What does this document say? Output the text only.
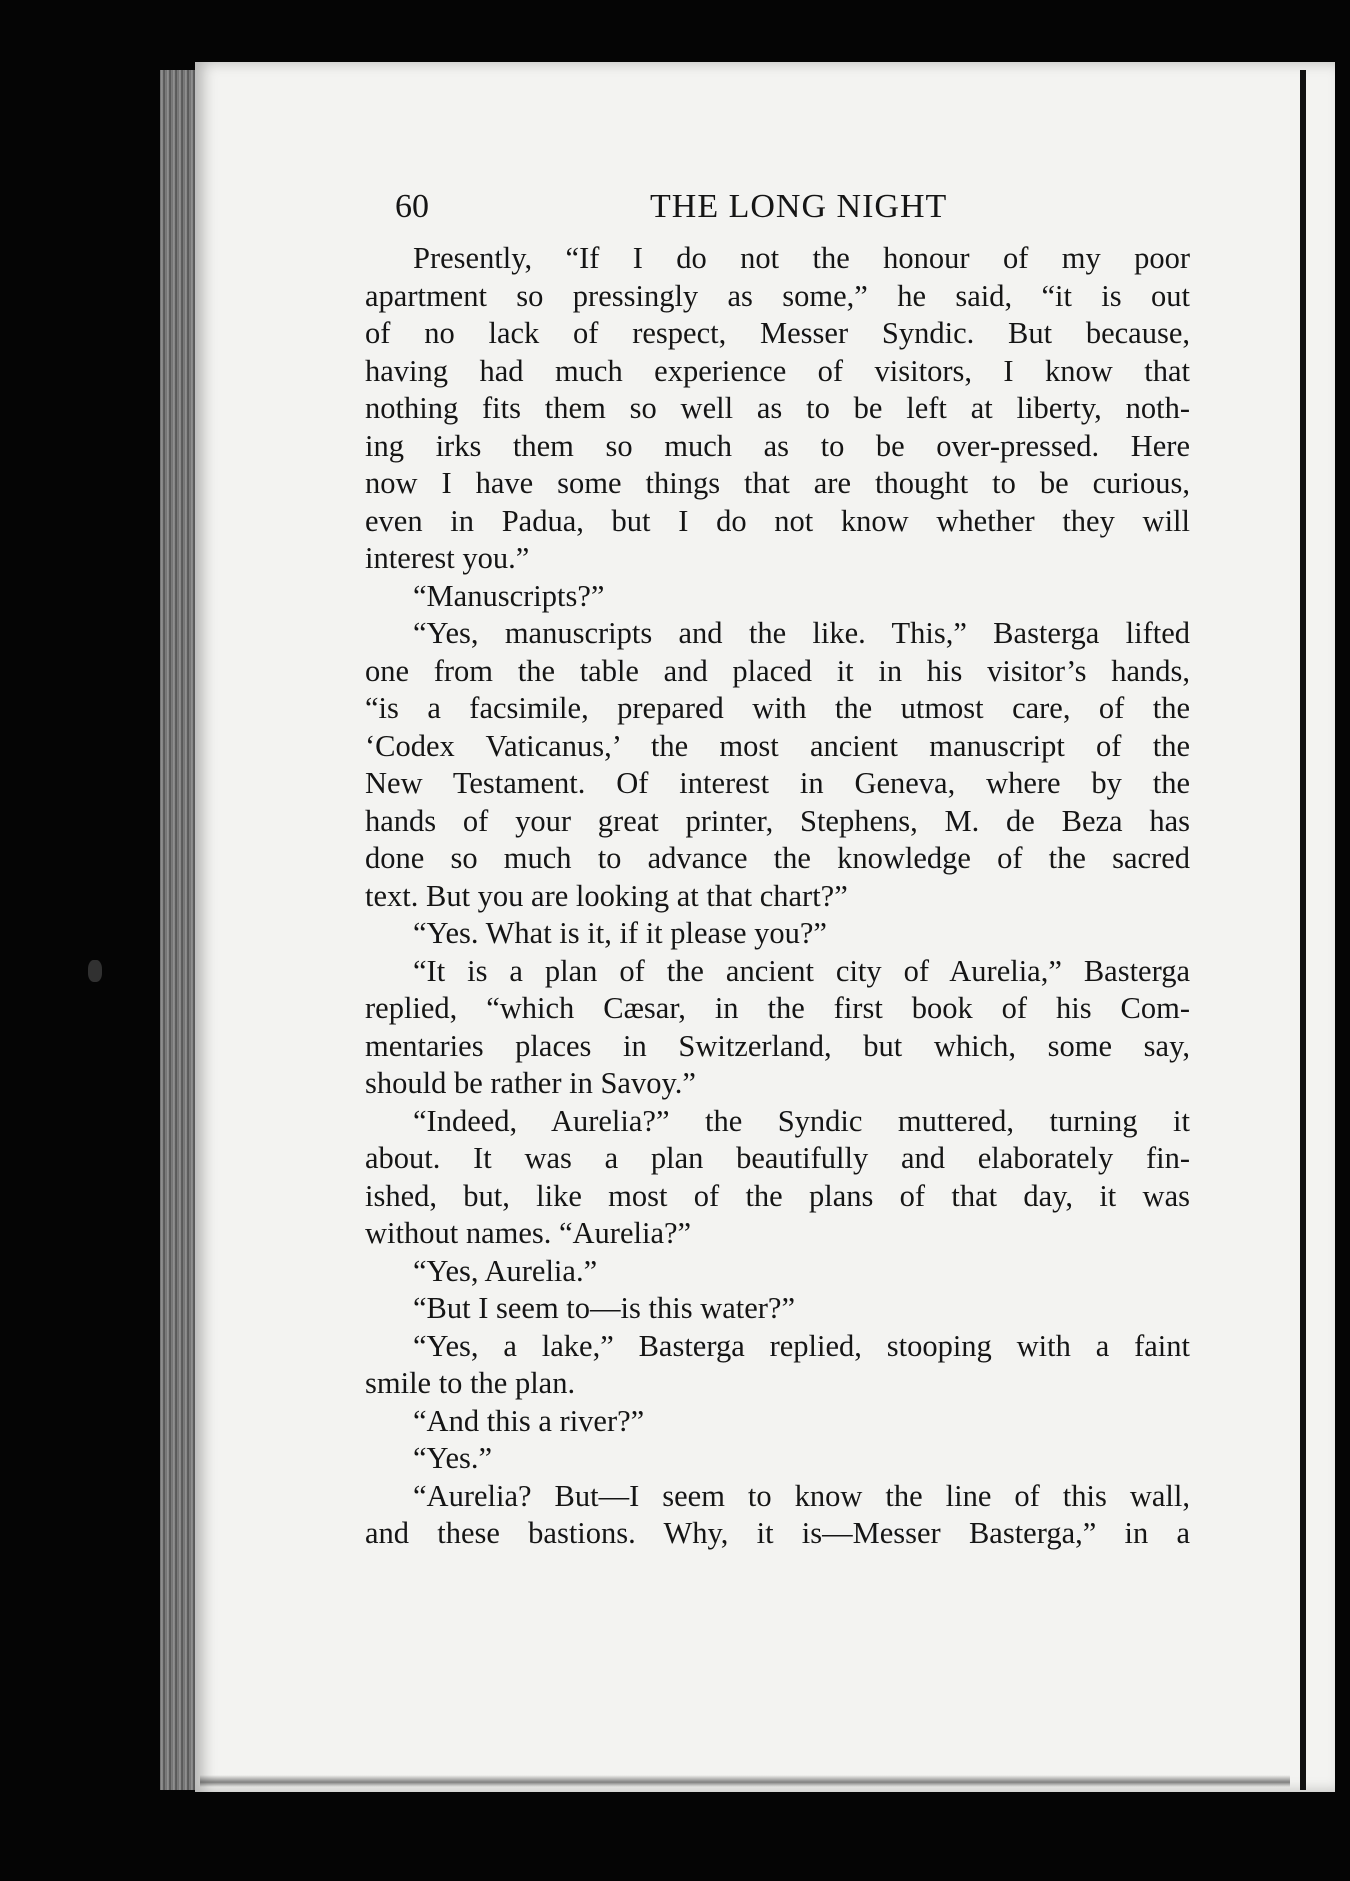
60	THE LONG NIGHT
Presently, “If I do not the honour of my poor
apartment so pressingly as some,” he said, “it is out
of no lack of respect, Messer Syndic. But because,
having had much experience of visitors, I know that
nothing fits them so well as to be left at liberty, noth-
ing irks them so much as to be over-pressed. Here
now I have some things that are thought to be curious,
even in Padua, but I do not know whether they will
interest you.”
“Manuscripts?”
“Yes, manuscripts and the like. This,” Basterga lifted
one from the table and placed it in his visitor’s hands,
“is a facsimile, prepared with the utmost care, of the
‘Codex Vaticanus,’ the most ancient manuscript of the
New Testament. Of interest in Geneva, where by the
hands of your great printer, Stephens, M. de Beza has
done so much to advance the knowledge of the sacred
text. But you are looking at that chart?”
“Yes. What is it, if it please you?”
“It is a plan of the ancient city of Aurelia,” Basterga
replied, “which Cæsar, in the first book of his Com-
mentaries places in Switzerland, but which, some say,
should be rather in Savoy.”
“Indeed, Aurelia?” the Syndic muttered, turning it
about. It was a plan beautifully and elaborately fin-
ished, but, like most of the plans of that day, it was
without names. “Aurelia?”
“Yes, Aurelia.”
“But I seem to—is this water?”
“Yes, a lake,” Basterga replied, stooping with a faint
smile to the plan.
“And this a river?”
“Yes.”
“Aurelia? But—I seem to know the line of this wall,
and these bastions. Why, it is—Messer Basterga,” in a
